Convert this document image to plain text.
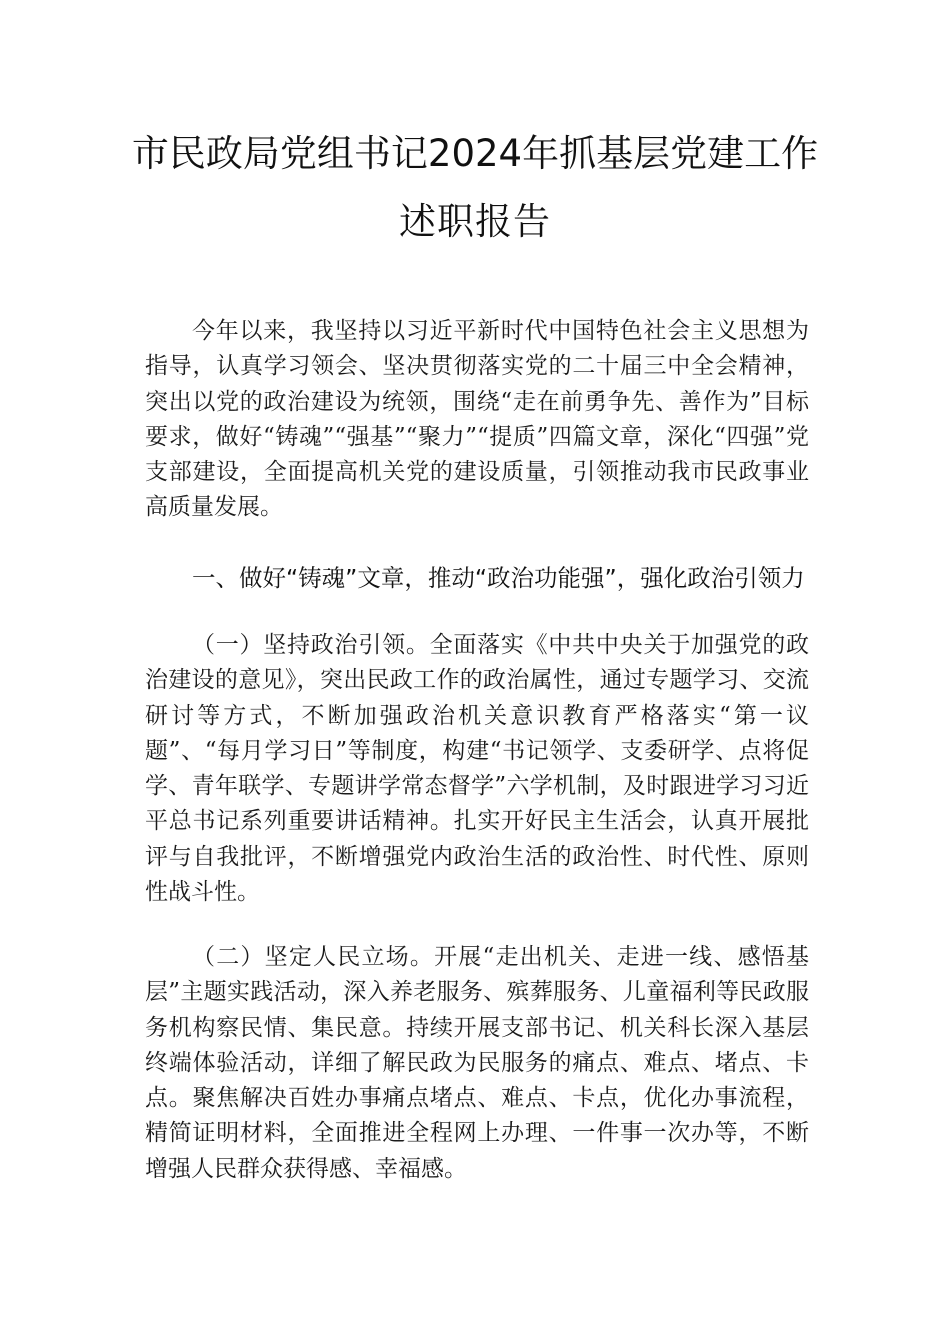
市民政局党组书记2024年抓基层党建工作
述职报告

今年以来，我坚持以习近平新时代中国特色社会主义思想为指导，认真学习领会、坚决贯彻落实党的二十届三中全会精神，突出以党的政治建设为统领，围绕“走在前勇争先、善作为”目标要求，做好“铸魂”“强基”“聚力”“提质”四篇文章，深化“四强”党支部建设，全面提高机关党的建设质量，引领推动我市民政事业高质量发展。

一、做好“铸魂”文章，推动“政治功能强”，强化政治引领力

（一）坚持政治引领。全面落实《中共中央关于加强党的政治建设的意见》，突出民政工作的政治属性，通过专题学习、交流研讨等方式，不断加强政治机关意识教育严格落实“第一议题”、“每月学习日”等制度，构建“书记领学、支委研学、点将促学、青年联学、专题讲学常态督学”六学机制，及时跟进学习习近平总书记系列重要讲话精神。扎实开好民主生活会，认真开展批评与自我批评，不断增强党内政治生活的政治性、时代性、原则性战斗性。

（二）坚定人民立场。开展“走出机关、走进一线、感悟基层”主题实践活动，深入养老服务、殡葬服务、儿童福利等民政服务机构察民情、集民意。持续开展支部书记、机关科长深入基层终端体验活动，详细了解民政为民服务的痛点、难点、堵点、卡点。聚焦解决百姓办事痛点堵点、难点、卡点，优化办事流程，精简证明材料，全面推进全程网上办理、一件事一次办等，不断增强人民群众获得感、幸福感。
